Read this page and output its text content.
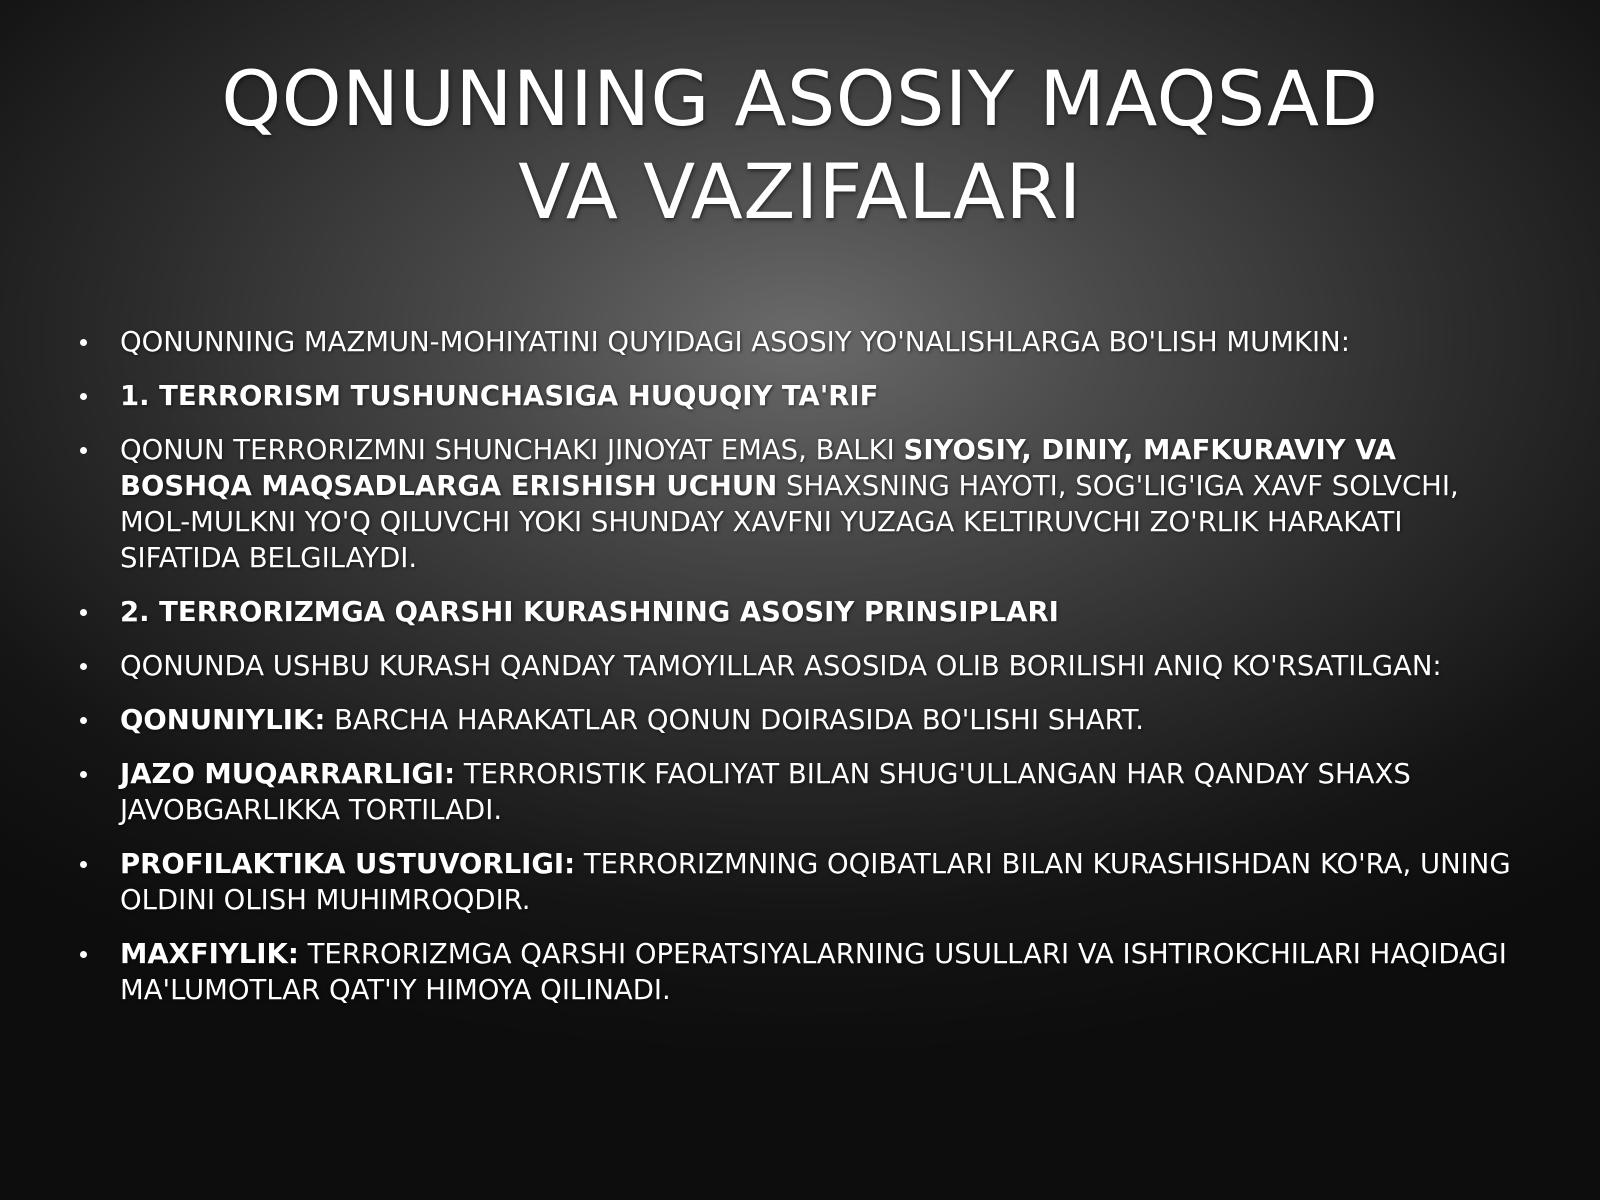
QONUNNING ASOSIY MAQSAD
VA VAZIFALARI
QONUNNING MAZMUN-MOHIYATINI QUYIDAGI ASOSIY YO'NALISHLARGA BO'LISH MUMKIN:
1. TERRORISM TUSHUNCHASIGA HUQUQIY TA'RIF
QONUN TERRORIZMNI SHUNCHAKI JINOYAT EMAS, BALKI SIYOSIY, DINIY, MAFKURAVIY VA BOSHQA MAQSADLARGA ERISHISH UCHUN SHAXSNING HAYOTI, SOG'LIG'IGA XAVF SOLVCHI, MOL-MULKNI YO'Q QILUVCHI YOKI SHUNDAY XAVFNI YUZAGA KELTIRUVCHI ZO'RLIK HARAKATI SIFATIDA BELGILAYDI.
2. TERRORIZMGA QARSHI KURASHNING ASOSIY PRINSIPLARI
QONUNDA USHBU KURASH QANDAY TAMOYILLAR ASOSIDA OLIB BORILISHI ANIQ KO'RSATILGAN:
QONUNIYLIK: BARCHA HARAKATLAR QONUN DOIRASIDA BO'LISHI SHART.
JAZO MUQARRARLIGI: TERRORISTIK FAOLIYAT BILAN SHUG'ULLANGAN HAR QANDAY SHAXS JAVOBGARLIKKA TORTILADI.
PROFILAKTIKA USTUVORLIGI: TERRORIZMNING OQIBATLARI BILAN KURASHISHDAN KO'RA, UNING OLDINI OLISH MUHIMROQDIR.
MAXFIYLIK: TERRORIZMGA QARSHI OPERATSIYALARNING USULLARI VA ISHTIROKCHILARI HAQIDAGI MA'LUMOTLAR QAT'IY HIMOYA QILINADI.
